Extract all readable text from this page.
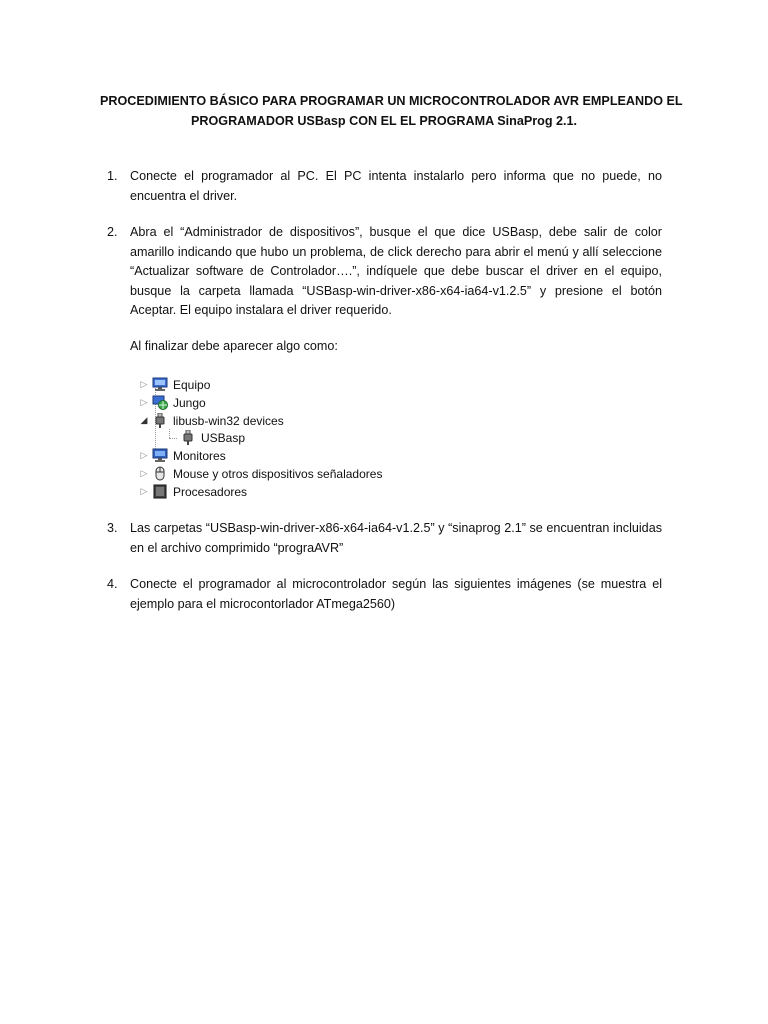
PROCEDIMIENTO BÁSICO PARA PROGRAMAR UN MICROCONTROLADOR AVR EMPLEANDO EL
PROGRAMADOR USBasp CON EL EL PROGRAMA SinaProg 2.1.
1. Conecte el programador al PC. El PC intenta instalarlo pero informa que no puede, no
encuentra el driver.
2. Abra el “Administrador de dispositivos”, busque el que dice USBasp, debe salir de color
amarillo indicando que hubo un problema, de click derecho para abrir el menú y allí seleccione
“Actualizar software de Controlador….”, indíquele que debe buscar el driver en el equipo,
busque la carpeta llamada “USBasp-win-driver-x86-x64-ia64-v1.2.5” y presione el botón
Aceptar. El equipo instalara el driver requerido.
Al finalizar debe aparecer algo como:
▷ Equipo
▷ Jungo
◢ libusb-win32 devices
USBasp
▷ Monitores
▷ Mouse y otros dispositivos señaladores
▷ Procesadores
3. Las carpetas “USBasp-win-driver-x86-x64-ia64-v1.2.5” y “sinaprog 2.1” se encuentran incluidas
en el archivo comprimido “prograAVR”
4. Conecte el programador al microcontrolador según las siguientes imágenes (se muestra el
ejemplo para el microcontorlador ATmega2560)
